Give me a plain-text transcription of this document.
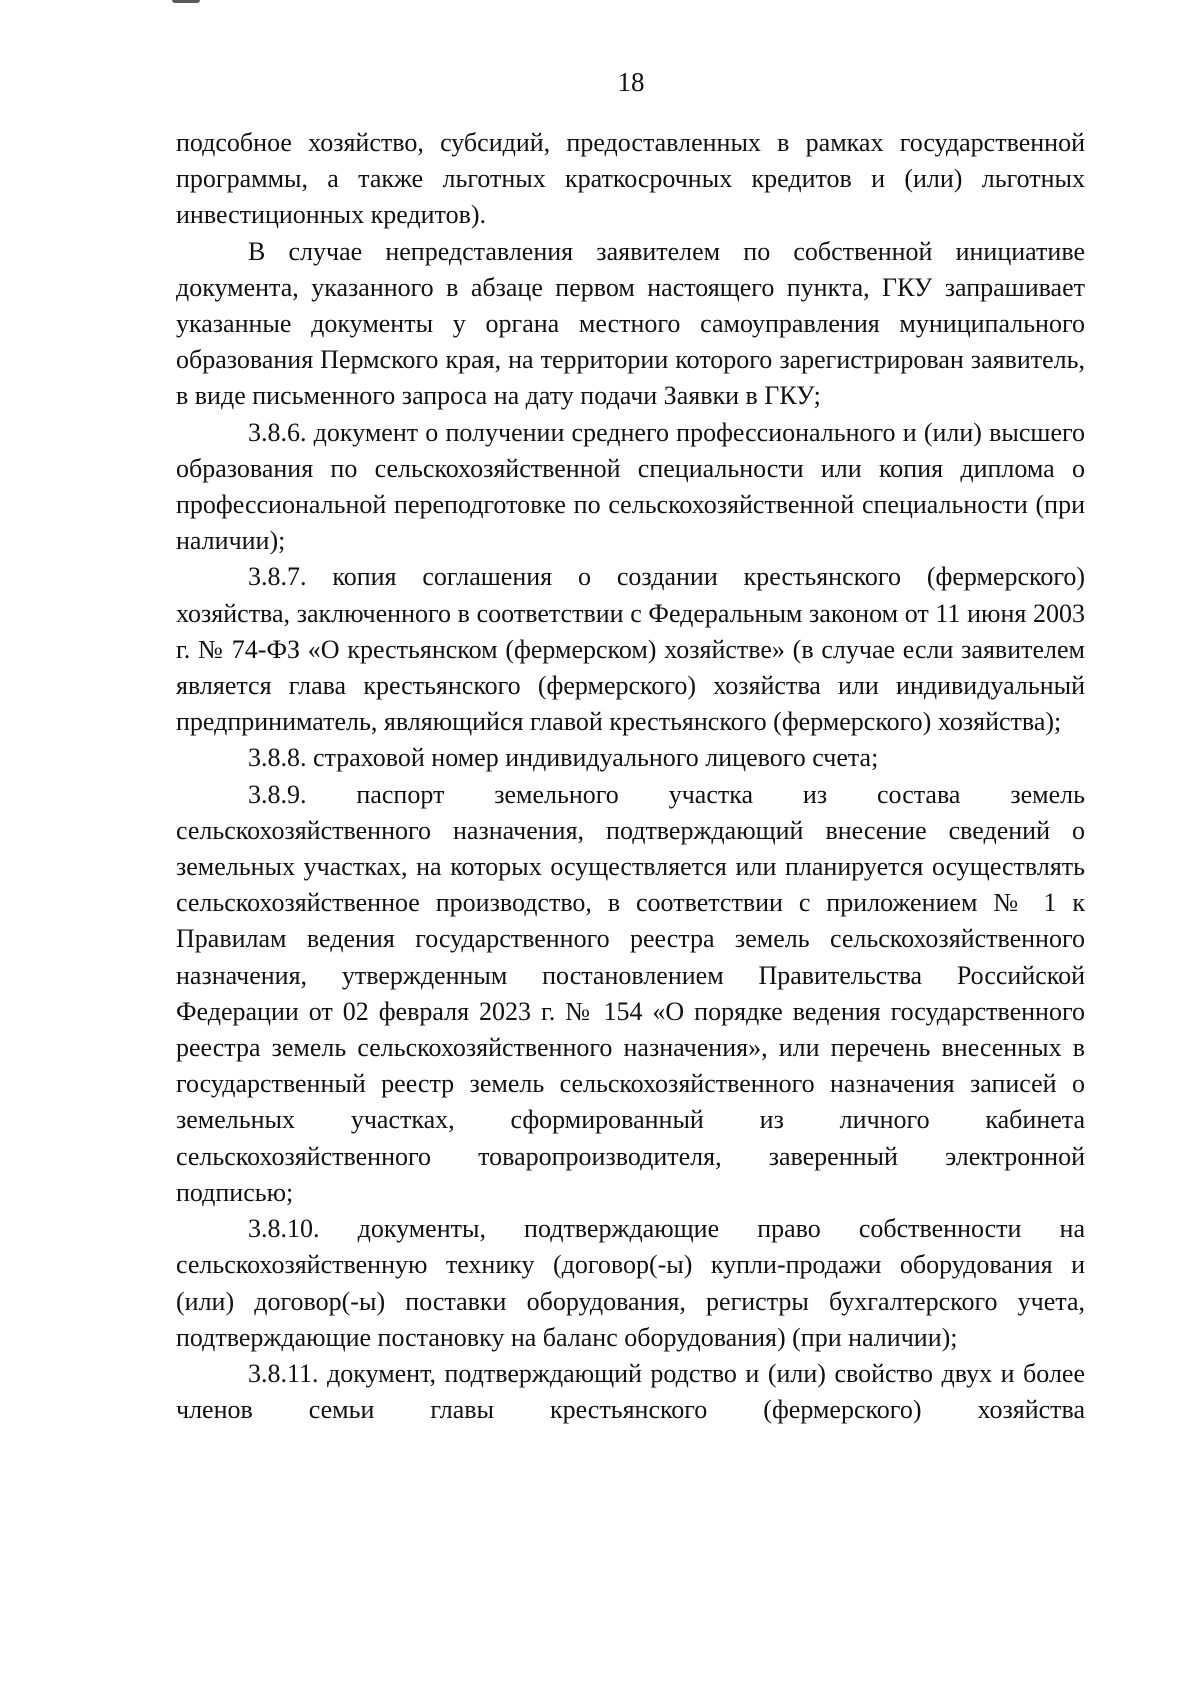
18

подсобное хозяйство, субсидий, предоставленных в рамках государственной программы, а также льготных краткосрочных кредитов и (или) льготных инвестиционных кредитов).

В случае непредставления заявителем по собственной инициативе документа, указанного в абзаце первом настоящего пункта, ГКУ запрашивает указанные документы у органа местного самоуправления муниципального образования Пермского края, на территории которого зарегистрирован заявитель, в виде письменного запроса на дату подачи Заявки в ГКУ;

3.8.6. документ о получении среднего профессионального и (или) высшего образования по сельскохозяйственной специальности или копия диплома о профессиональной переподготовке по сельскохозяйственной специальности (при наличии);

3.8.7. копия соглашения о создании крестьянского (фермерского) хозяйства, заключенного в соответствии с Федеральным законом от 11 июня 2003 г. № 74-ФЗ «О крестьянском (фермерском) хозяйстве» (в случае если заявителем является глава крестьянского (фермерского) хозяйства или индивидуальный предприниматель, являющийся главой крестьянского (фермерского) хозяйства);

3.8.8. страховой номер индивидуального лицевого счета;

3.8.9. паспорт земельного участка из состава земель сельскохозяйственного назначения, подтверждающий внесение сведений о земельных участках, на которых осуществляется или планируется осуществлять сельскохозяйственное производство, в соответствии с приложением № 1 к Правилам ведения государственного реестра земель сельскохозяйственного назначения, утвержденным постановлением Правительства Российской Федерации от 02 февраля 2023 г. № 154 «О порядке ведения государственного реестра земель сельскохозяйственного назначения», или перечень внесенных в государственный реестр земель сельскохозяйственного назначения записей о земельных участках, сформированный из личного кабинета сельскохозяйственного товаропроизводителя, заверенный электронной подписью;

3.8.10. документы, подтверждающие право собственности на сельскохозяйственную технику (договор(-ы) купли-продажи оборудования и (или) договор(-ы) поставки оборудования, регистры бухгалтерского учета, подтверждающие постановку на баланс оборудования) (при наличии);

3.8.11. документ, подтверждающий родство и (или) свойство двух и более членов семьи главы крестьянского (фермерского) хозяйства
